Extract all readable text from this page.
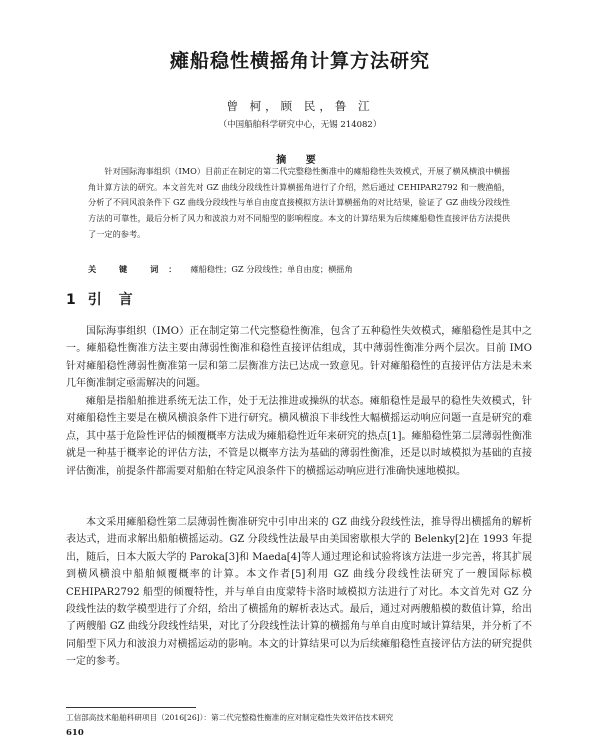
瘫船稳性横摇角计算方法研究
曾 柯，顾 民，鲁 江
（中国船舶科学研究中心，无锡 214082）
摘 要
针对国际海事组织（IMO）目前正在制定的第二代完整稳性衡准中的瘫船稳性失效模式，开展了横风横浪中横摇角计算方法的研究。本文首先对 GZ 曲线分段线性计算横摇角进行了介绍，然后通过 CEHIPAR2792 和一艘渔船，分析了不同风浪条件下 GZ 曲线分段线性与单自由度直接模拟方法计算横摇角的对比结果，验证了 GZ 曲线分段线性方法的可靠性，最后分析了风力和波浪力对不同船型的影响程度。本文的计算结果为后续瘫船稳性直接评估方法提供了一定的参考。
关 键 词： 瘫船稳性；GZ 分段线性；单自由度；横摇角
1 引 言

国际海事组织（IMO）正在制定第二代完整稳性衡准，包含了五种稳性失效模式，瘫船稳性是其中之一。瘫船稳性衡准方法主要由薄弱性衡准和稳性直接评估组成，其中薄弱性衡准分两个层次。目前 IMO 针对瘫船稳性薄弱性衡准第一层和第二层衡准方法已达成一致意见。针对瘫船稳性的直接评估方法是未来几年衡准制定亟需解决的问题。

瘫船是指船舶推进系统无法工作，处于无法推进或操纵的状态。瘫船稳性是最早的稳性失效模式，针对瘫船稳性主要是在横风横浪条件下进行研究。横风横浪下非线性大幅横摇运动响应问题一直是研究的难点，其中基于危险性评估的倾覆概率方法成为瘫船稳性近年来研究的热点[1]。瘫船稳性第二层薄弱性衡准就是一种基于概率论的评估方法，不管是以概率方法为基础的薄弱性衡准，还是以时域模拟为基础的直接评估衡准，前提条件都需要对船舶在特定风浪条件下的横摇运动响应进行准确快速地模拟。

本文采用瘫船稳性第二层薄弱性衡准研究中引申出来的 GZ 曲线分段线性法，推导得出横摇角的解析表达式，进而求解出船舶横摇运动。GZ 分段线性法最早由美国密歇根大学的 Belenky[2]在 1993 年提出，随后，日本大阪大学的 Paroka[3]和 Maeda[4]等人通过理论和试验将该方法进一步完善，将其扩展到横风横浪中船舶倾覆概率的计算。本文作者[5]利用 GZ 曲线分段线性法研究了一艘国际标模 CEHIPAR2792 船型的倾覆特性，并与单自由度蒙特卡洛时域模拟方法进行了对比。本文首先对 GZ 分段线性法的数学模型进行了介绍，给出了横摇角的解析表达式。最后，通过对两艘船模的数值计算，给出了两艘船 GZ 曲线分段线性结果，对比了分段线性法计算的横摇角与单自由度时域计算结果，并分析了不同船型下风力和波浪力对横摇运动的影响。本文的计算结果可以为后续瘫船稳性直接评估方法的研究提供一定的参考。

工信部高技术船舶科研项目（2016[26]）：第二代完整稳性衡准的应对制定稳性失效评估技术研究
610
